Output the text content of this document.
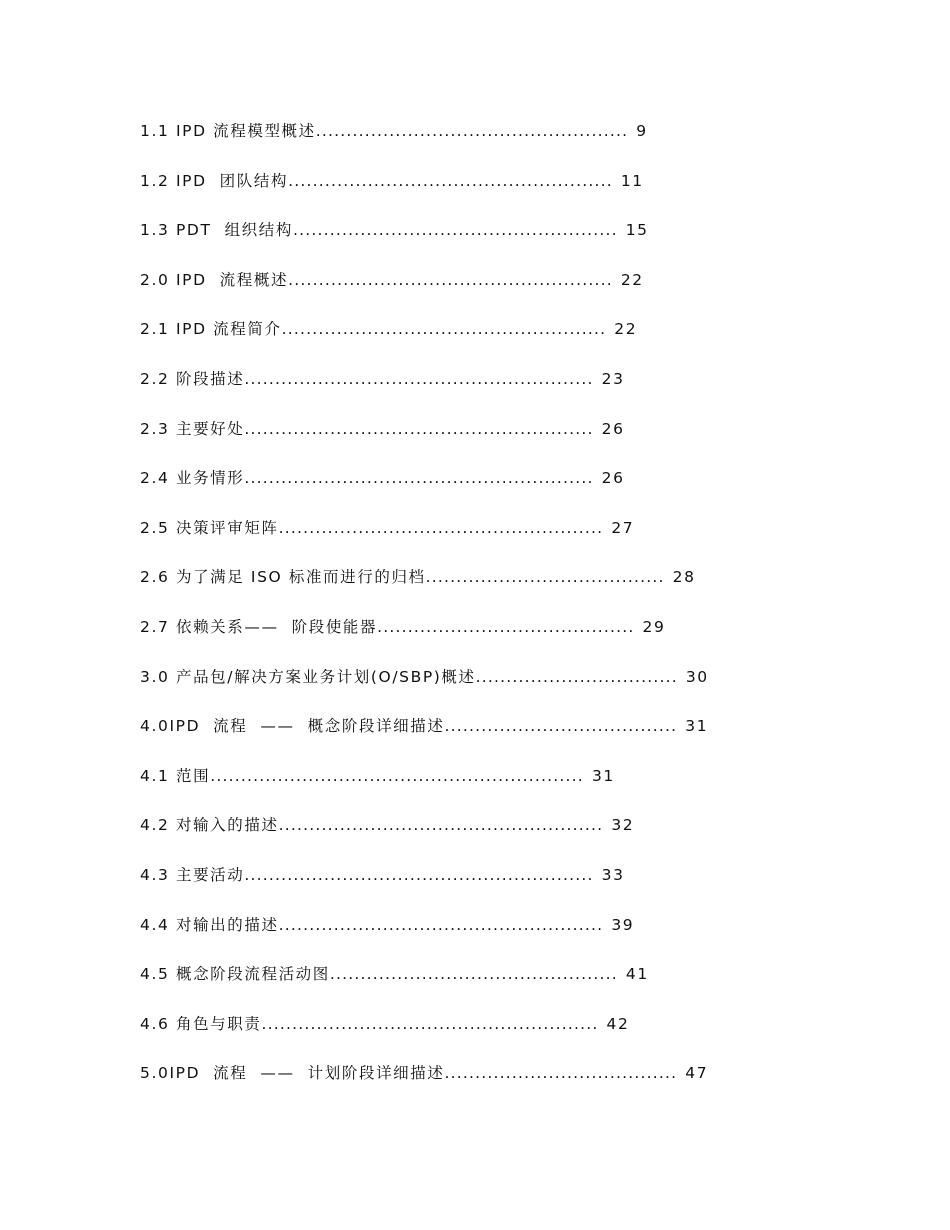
1.1 IPD 流程模型概述................................................... 9
1.2 IPD  团队结构..................................................... 11
1.3 PDT  组织结构..................................................... 15
2.0 IPD  流程概述..................................................... 22
2.1 IPD 流程简介..................................................... 22
2.2 阶段描述......................................................... 23
2.3 主要好处......................................................... 26
2.4 业务情形......................................................... 26
2.5 决策评审矩阵..................................................... 27
2.6 为了满足 ISO 标准而进行的归档....................................... 28
2.7 依赖关系——  阶段使能器.......................................... 29
3.0 产品包/解决方案业务计划(O/SBP)概述................................. 30
4.0IPD  流程  ——  概念阶段详细描述...................................... 31
4.1 范围............................................................. 31
4.2 对输入的描述..................................................... 32
4.3 主要活动......................................................... 33
4.4 对输出的描述..................................................... 39
4.5 概念阶段流程活动图............................................... 41
4.6 角色与职责....................................................... 42
5.0IPD  流程  ——  计划阶段详细描述...................................... 47
